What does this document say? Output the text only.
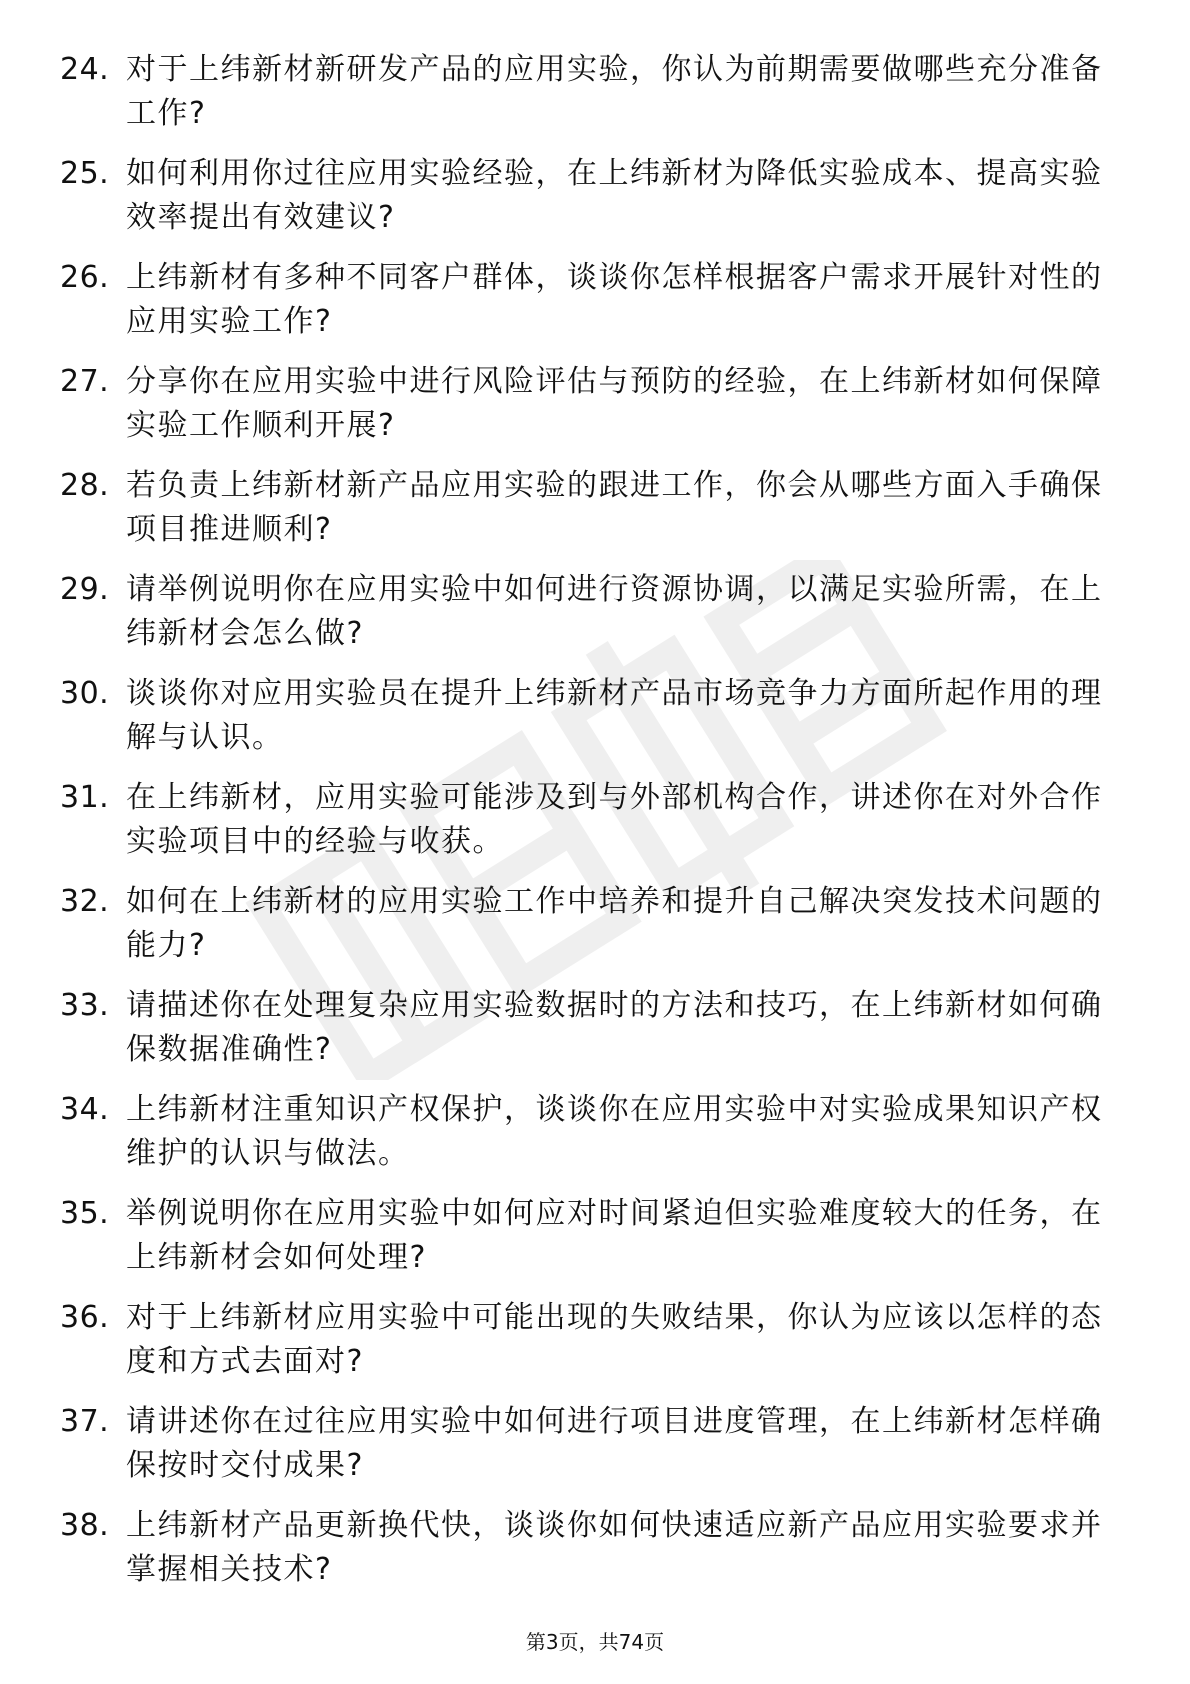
24. 对于上纬新材新研发产品的应用实验，你认为前期需要做哪些充分准备工作?
25. 如何利用你过往应用实验经验，在上纬新材为降低实验成本、提高实验效率提出有效建议?
26. 上纬新材有多种不同客户群体，谈谈你怎样根据客户需求开展针对性的应用实验工作?
27. 分享你在应用实验中进行风险评估与预防的经验，在上纬新材如何保障实验工作顺利开展?
28. 若负责上纬新材新产品应用实验的跟进工作，你会从哪些方面入手确保项目推进顺利?
29. 请举例说明你在应用实验中如何进行资源协调，以满足实验所需，在上纬新材会怎么做?
30. 谈谈你对应用实验员在提升上纬新材产品市场竞争力方面所起作用的理解与认识。
31. 在上纬新材，应用实验可能涉及到与外部机构合作，讲述你在对外合作实验项目中的经验与收获。
32. 如何在上纬新材的应用实验工作中培养和提升自己解决突发技术问题的能力?
33. 请描述你在处理复杂应用实验数据时的方法和技巧，在上纬新材如何确保数据准确性?
34. 上纬新材注重知识产权保护，谈谈你在应用实验中对实验成果知识产权维护的认识与做法。
35. 举例说明你在应用实验中如何应对时间紧迫但实验难度较大的任务，在上纬新材会如何处理?
36. 对于上纬新材应用实验中可能出现的失败结果，你认为应该以怎样的态度和方式去面对?
37. 请讲述你在过往应用实验中如何进行项目进度管理，在上纬新材怎样确保按时交付成果?
38. 上纬新材产品更新换代快，谈谈你如何快速适应新产品应用实验要求并掌握相关技术?
第3页，共74页
